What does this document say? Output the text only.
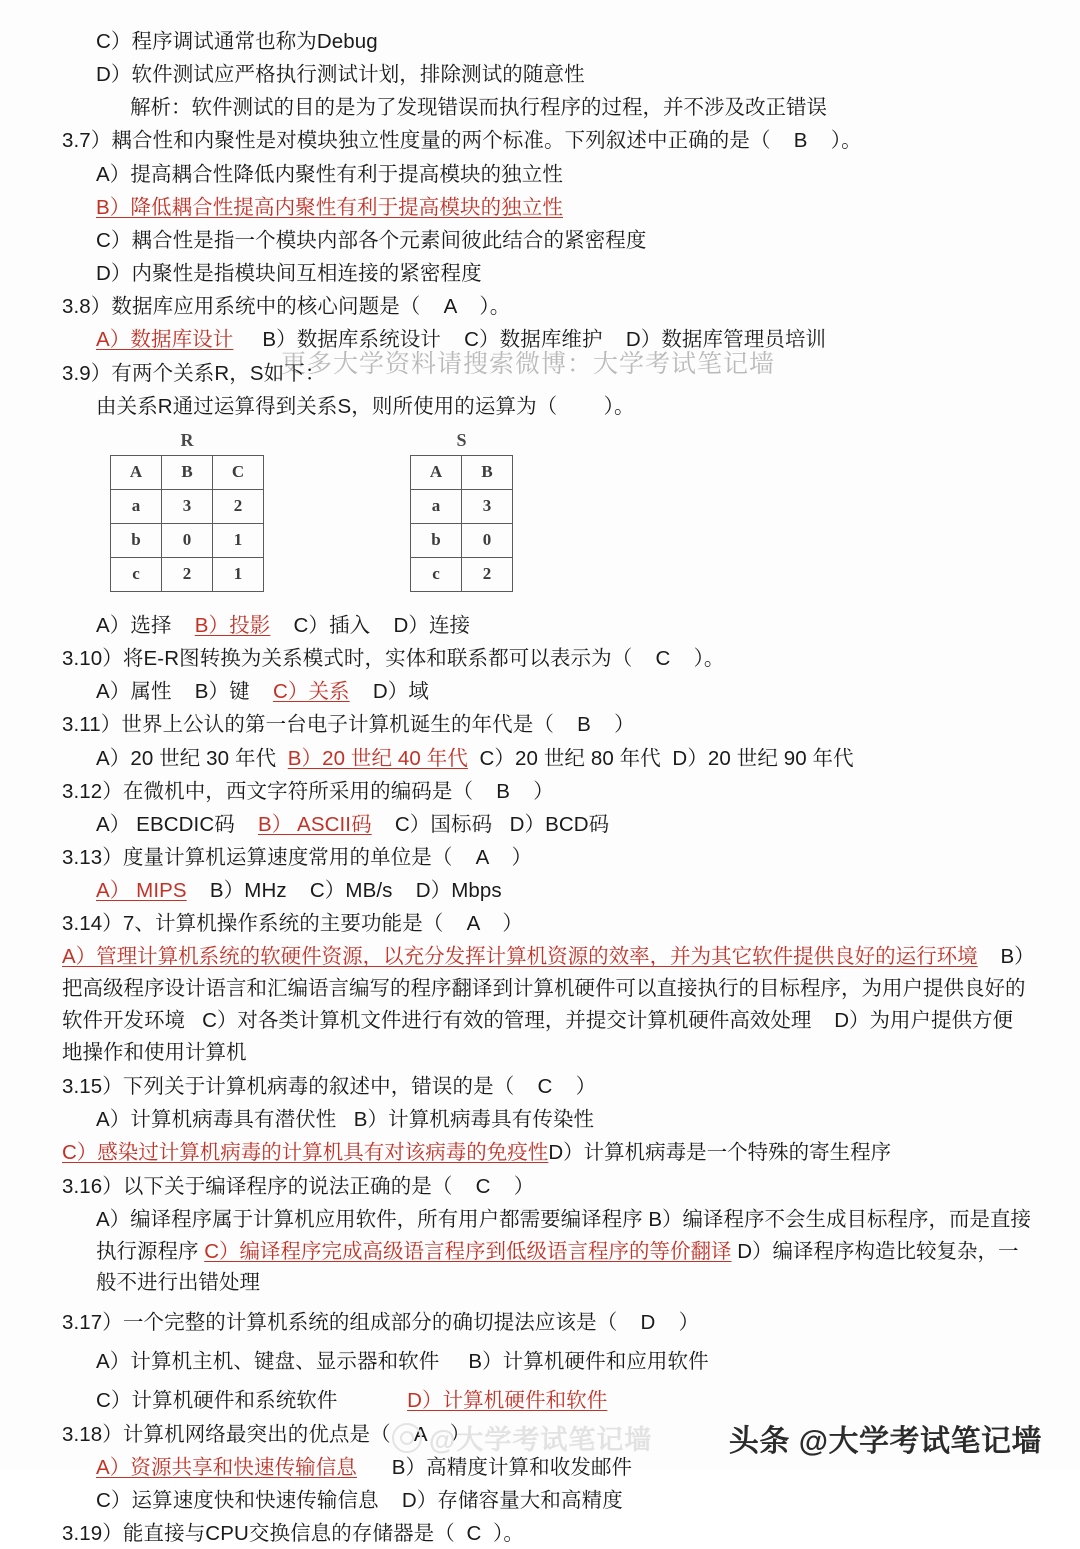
更多大学资料请搜索微博：大学考试笔记墙

C）程序调试通常也称为Debug

D）软件测试应严格执行测试计划，排除测试的随意性

解析：软件测试的目的是为了发现错误而执行程序的过程，并不涉及改正错误

3.7）耦合性和内聚性是对模块独立性度量的两个标准。下列叙述中正确的是（    B    ）。

A）提高耦合性降低内聚性有利于提高模块的独立性

B）降低耦合性提高内聚性有利于提高模块的独立性

C）耦合性是指一个模块内部各个元素间彼此结合的紧密程度

D）内聚性是指模块间互相连接的紧密程度

3.8）数据库应用系统中的核心问题是（    A    ）。

A）数据库设计 B）数据库系统设计 C）数据库维护 D）数据库管理员培训

3.9）有两个关系R，S如下：

由关系R通过运算得到关系S，则所使用的运算为（        ）。

R
A	B	C
a	3	2
b	0	1
c	2	1
S
A	B
a	3
b	0
c	2

A）选择 B）投影 C）插入 D）连接

3.10）将E‐R图转换为关系模式时，实体和联系都可以表示为（    C    ）。

A）属性 B）键 C）关系 D）域

3.11）世界上公认的第一台电子计算机诞生的年代是（    B    ）

A）20 世纪 30 年代 B）20 世纪 40 年代 C）20 世纪 80 年代 D）20 世纪 90 年代

3.12）在微机中，西文字符所采用的编码是（    B    ）

A） EBCDIC码 B） ASCII码 C）国标码 D）BCD码

3.13）度量计算机运算速度常用的单位是（    A    ）

A） MIPS B）MHz C）MB/s D）Mbps

3.14）7、计算机操作系统的主要功能是（    A    ）

A）管理计算机系统的软硬件资源，以充分发挥计算机资源的效率，并为其它软件提供良好的运行环境 B）把高级程序设计语言和汇编语言编写的程序翻译到计算机硬件可以直接执行的目标程序，为用户提供良好的软件开发环境 C）对各类计算机文件进行有效的管理，并提交计算机硬件高效处理 D）为用户提供方便地操作和使用计算机

3.15）下列关于计算机病毒的叙述中，错误的是（    C    ）

A）计算机病毒具有潜伏性 B）计算机病毒具有传染性

C）感染过计算机病毒的计算机具有对该病毒的免疫性D）计算机病毒是一个特殊的寄生程序

3.16）以下关于编译程序的说法正确的是（    C    ）

A）编译程序属于计算机应用软件，所有用户都需要编译程序 B）编译程序不会生成目标程序，而是直接执行源程序 C）编译程序完成高级语言程序到低级语言程序的等价翻译 D）编译程序构造比较复杂，一般不进行出错处理

3.17）一个完整的计算机系统的组成部分的确切提法应该是（    D    ）

A）计算机主机、键盘、显示器和软件 B）计算机硬件和应用软件

C）计算机硬件和系统软件	D）计算机硬件和软件

3.18）计算机网络最突出的优点是（    A    ）

A）资源共享和快速传输信息 B）高精度计算和收发邮件

C）运算速度快和快速传输信息 D）存储容量大和高精度

3.19）能直接与CPU交换信息的存储器是（  C  ）。

@大学考试笔记墙	头条 @大学考试笔记墙
